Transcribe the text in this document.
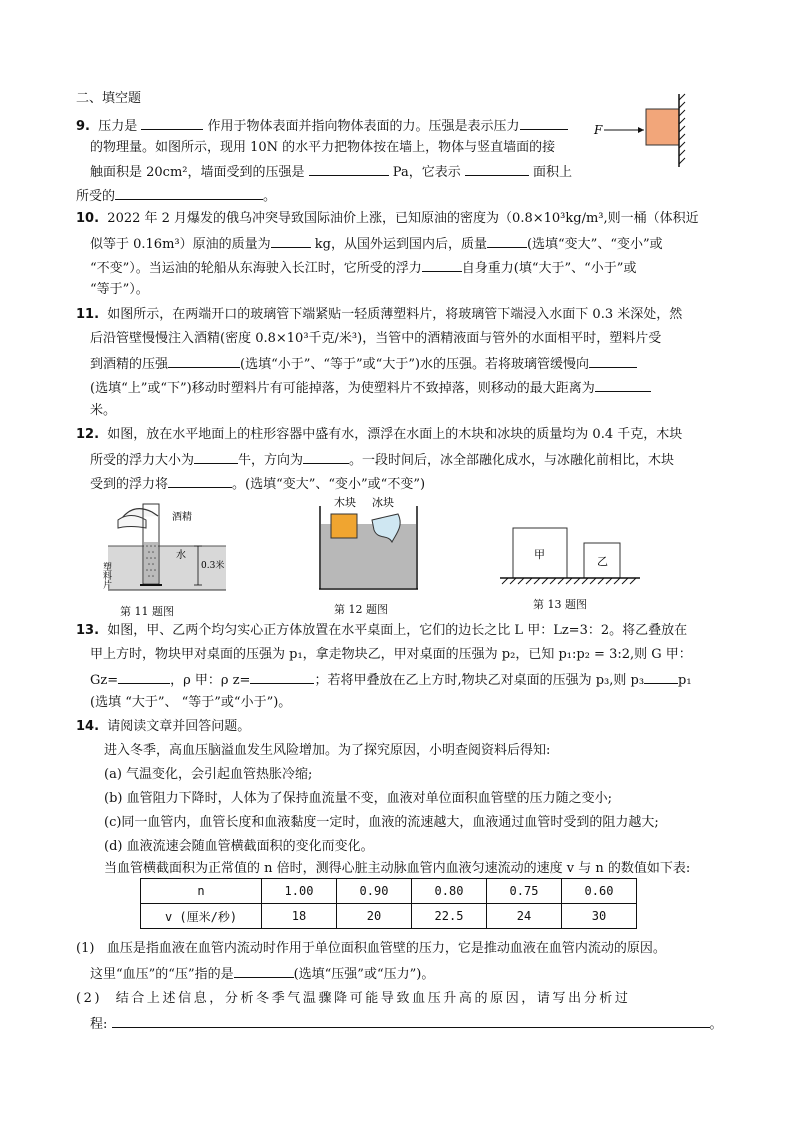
二、填空题
9. 压力是	作用于物体表面并指向物体表面的力。压强是表示压力
的物理量。如图所示，现用 10N 的水平力把物体按在墙上，物体与竖直墙面的接
触面积是 20cm²，墙面受到的压强是	Pa，它表示	面积上
所受的	。
F
10. 2022 年 2 月爆发的俄乌冲突导致国际油价上涨，已知原油的密度为（0.8×10³kg/m³,则一桶（体积近
似等于 0.16m³）原油的质量为	kg，从国外运到国内后，质量	(选填“变大”、“变小”或
“不变”）。当运油的轮船从东海驶入长江时，它所受的浮力	自身重力(填“大于”、“小于”或
“等于”）。
11. 如图所示，在两端开口的玻璃管下端紧贴一轻质薄塑料片，将玻璃管下端浸入水面下 0.3 米深处，然
后沿管壁慢慢注入酒精(密度 0.8×10³千克/米³)，当管中的酒精液面与管外的水面相平时，塑料片受
到酒精的压强	(选填“小于”、“等于”或“大于”)水的压强。若将玻璃管缓慢向
(选填“上”或“下”)移动时塑料片有可能掉落，为使塑料片不致掉落，则移动的最大距离为
米。
12. 如图，放在水平地面上的柱形容器中盛有水，漂浮在水面上的木块和冰块的质量均为 0.4 千克，木块
所受的浮力大小为	牛，方向为	。一段时间后，冰全部融化成水，与冰融化前相比，木块
受到的浮力将	。(选填“变大”、“变小”或“不变”)
酒精
水
0.3米
塑料片
第 11 题图
木块 冰块
第 12 题图
甲
乙
第 13 题图
13. 如图，甲、乙两个均匀实心正方体放置在水平桌面上，它们的边长之比 L 甲：Lz=3：2。将乙叠放在
甲上方时，物块甲对桌面的压强为 p₁，拿走物块乙，甲对桌面的压强为 p₂，已知 p₁:p₂ = 3:2,则 G 甲：
Gz=	，ρ 甲：ρ z=	；若将甲叠放在乙上方时,物块乙对桌面的压强为 p₃,则 p₃	p₁
(选填 “大于”、 “等于”或“小于”)。
14. 请阅读文章并回答问题。
进入冬季，高血压脑溢血发生风险增加。为了探究原因，小明查阅资料后得知:
(a) 气温变化，会引起血管热胀冷缩;
(b) 血管阻力下降时，人体为了保持血流量不变，血液对单位面积血管壁的压力随之变小;
(c)同一血管内，血管长度和血液黏度一定时，血液的流速越大，血液通过血管时受到的阻力越大;
(d) 血液流速会随血管横截面积的变化而变化。
当血管横截面积为正常值的 n 倍时，测得心脏主动脉血管内血液匀速流动的速度 v 与 n 的数值如下表:
n	1.00	0.90	0.80	0.75	0.60
v (厘米/秒)	18	20	22.5	24	30
(1) 血压是指血液在血管内流动时作用于单位面积血管壁的压力，它是推动血液在血管内流动的原因。
这里“血压”的“压”指的是	(选填“压强”或“压力”)。
(2) 结合上述信息，分析冬季气温骤降可能导致血压升高的原因，请写出分析过
程:	。
